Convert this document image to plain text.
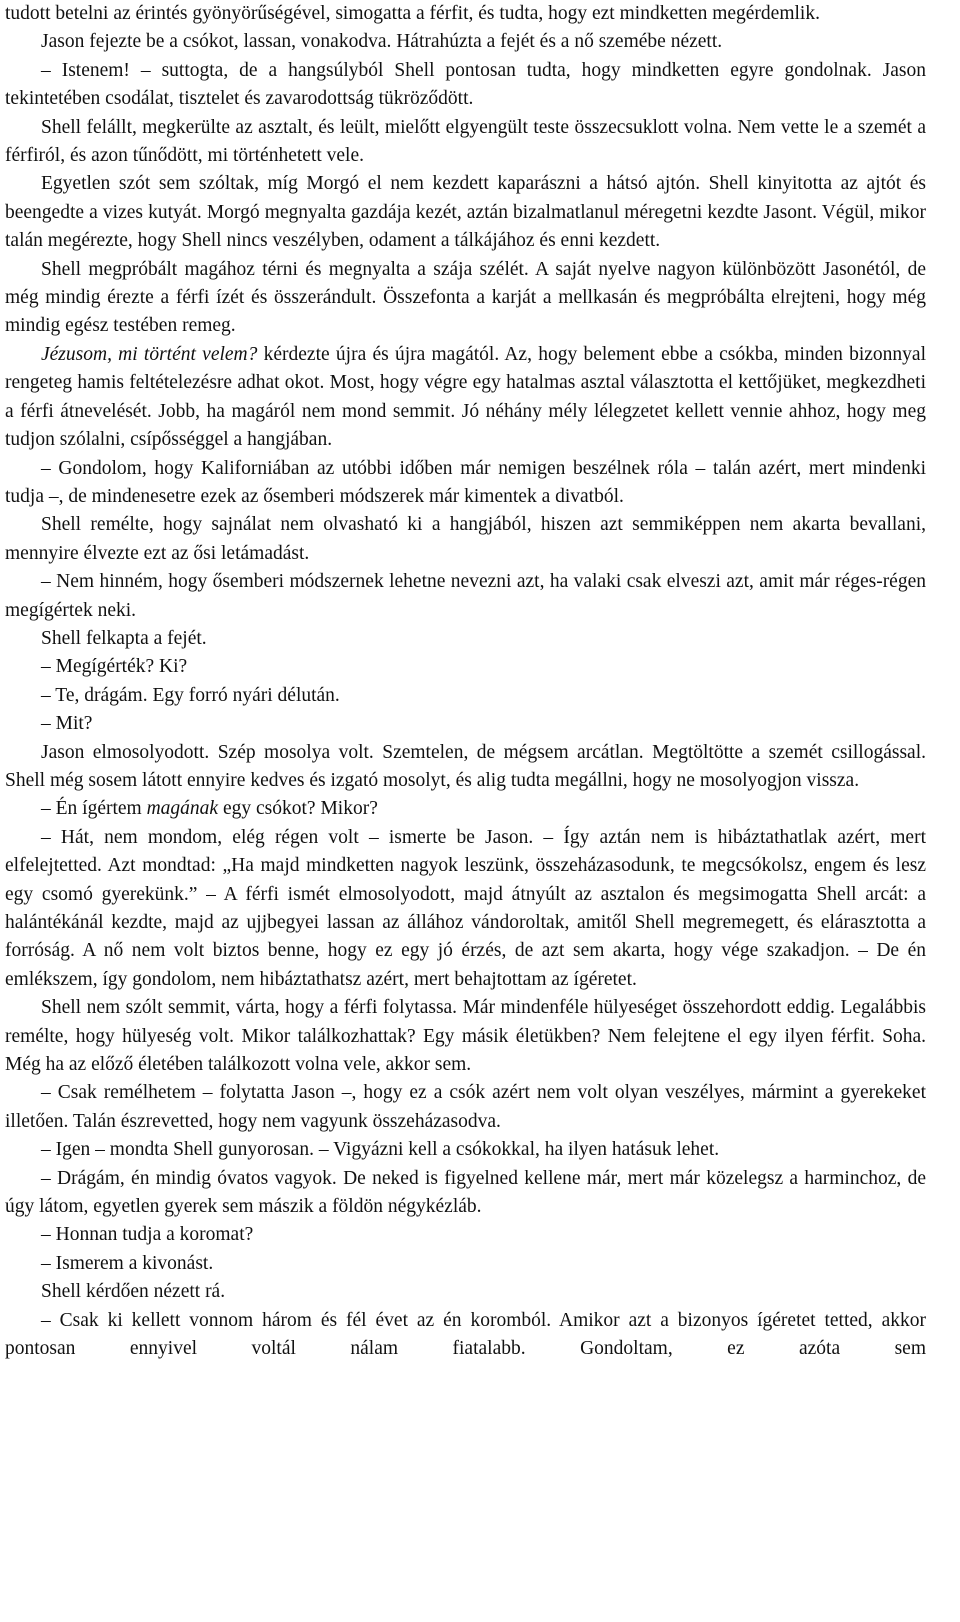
tudott betelni az érintés gyönyörűségével, simogatta a férfit, és tudta, hogy ezt mindketten megérdemlik.

Jason fejezte be a csókot, lassan, vonakodva. Hátrahúzta a fejét és a nő szemébe nézett.

– Istenem! – suttogta, de a hangsúlyból Shell pontosan tudta, hogy mindketten egyre gondolnak. Jason tekintetében csodálat, tisztelet és zavarodottság tükröződött.

Shell felállt, megkerülte az asztalt, és leült, mielőtt elgyengült teste összecsuklott volna. Nem vette le a szemét a férfiról, és azon tűnődött, mi történhetett vele.

Egyetlen szót sem szóltak, míg Morgó el nem kezdett kaparászni a hátsó ajtón. Shell kinyitotta az ajtót és beengedte a vizes kutyát. Morgó megnyalta gazdája kezét, aztán bizalmatlanul méregetni kezdte Jasont. Végül, mikor talán megérezte, hogy Shell nincs veszélyben, odament a tálkájához és enni kezdett.

Shell megpróbált magához térni és megnyalta a szája szélét. A saját nyelve nagyon különbözött Jasonétól, de még mindig érezte a férfi ízét és összerándult. Összefonta a karját a mellkasán és megpróbálta elrejteni, hogy még mindig egész testében remeg.

Jézusom, mi történt velem? kérdezte újra és újra magától. Az, hogy belement ebbe a csókba, minden bizonnyal rengeteg hamis feltételezésre adhat okot. Most, hogy végre egy hatalmas asztal választotta el kettőjüket, megkezdheti a férfi átnevelését. Jobb, ha magáról nem mond semmit. Jó néhány mély lélegzetet kellett vennie ahhoz, hogy meg tudjon szólalni, csípősséggel a hangjában.

– Gondolom, hogy Kaliforniában az utóbbi időben már nemigen beszélnek róla – talán azért, mert mindenki tudja –, de mindenesetre ezek az ősemberi módszerek már kimentek a divatból.

Shell remélte, hogy sajnálat nem olvasható ki a hangjából, hiszen azt semmiképpen nem akarta bevallani, mennyire élvezte ezt az ősi letámadást.

– Nem hinném, hogy ősemberi módszernek lehetne nevezni azt, ha valaki csak elveszi azt, amit már réges-régen megígértek neki.

Shell felkapta a fejét.

– Megígérték? Ki?

– Te, drágám. Egy forró nyári délután.

– Mit?

Jason elmosolyodott. Szép mosolya volt. Szemtelen, de mégsem arcátlan. Megtöltötte a szemét csillogással. Shell még sosem látott ennyire kedves és izgató mosolyt, és alig tudta megállni, hogy ne mosolyogjon vissza.

– Én ígértem magának egy csókot? Mikor?

– Hát, nem mondom, elég régen volt – ismerte be Jason. – Így aztán nem is hibáztathatlak azért, mert elfelejtetted. Azt mondtad: „Ha majd mindketten nagyok leszünk, összeházasodunk, te megcsókolsz, engem és lesz egy csomó gyerekünk.” – A férfi ismét elmosolyodott, majd átnyúlt az asztalon és megsimogatta Shell arcát: a halántékánál kezdte, majd az ujjbegyei lassan az állához vándoroltak, amitől Shell megremegett, és elárasztotta a forróság. A nő nem volt biztos benne, hogy ez egy jó érzés, de azt sem akarta, hogy vége szakadjon. – De én emlékszem, így gondolom, nem hibáztathatsz azért, mert behajtottam az ígéretet.

Shell nem szólt semmit, várta, hogy a férfi folytassa. Már mindenféle hülyeséget összehordott eddig. Legalábbis remélte, hogy hülyeség volt. Mikor találkozhattak? Egy másik életükben? Nem felejtene el egy ilyen férfit. Soha. Még ha az előző életében találkozott volna vele, akkor sem.

– Csak remélhetem – folytatta Jason –, hogy ez a csók azért nem volt olyan veszélyes, mármint a gyerekeket illetően. Talán észrevetted, hogy nem vagyunk összeházasodva.

– Igen – mondta Shell gunyorosan. – Vigyázni kell a csókokkal, ha ilyen hatásuk lehet.

– Drágám, én mindig óvatos vagyok. De neked is figyelned kellene már, mert már közelegsz a harminchoz, de úgy látom, egyetlen gyerek sem mászik a földön négykézláb.

– Honnan tudja a koromat?

– Ismerem a kivonást.

Shell kérdően nézett rá.

– Csak ki kellett vonnom három és fél évet az én koromból. Amikor azt a bizonyos ígéretet tetted, akkor pontosan ennyivel voltál nálam fiatalabb. Gondoltam, ez azóta sem
